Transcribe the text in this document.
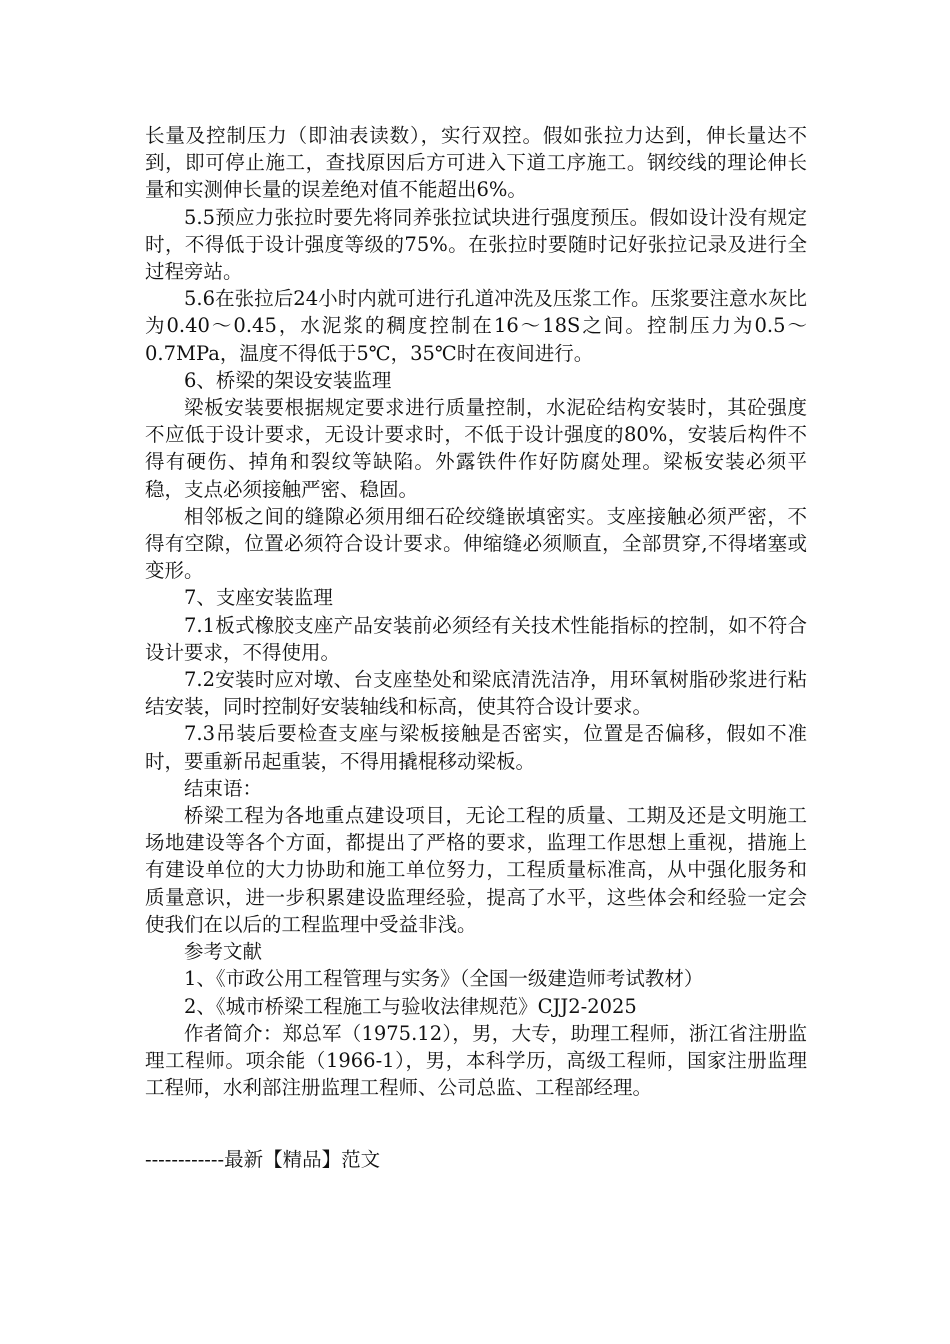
长量及控制压力（即油表读数），实行双控。假如张拉力达到，伸长量达不到，即可停止施工，查找原因后方可进入下道工序施工。钢绞线的理论伸长量和实测伸长量的误差绝对值不能超出6%。

5.5预应力张拉时要先将同养张拉试块进行强度预压。假如设计没有规定时，不得低于设计强度等级的75%。在张拉时要随时记好张拉记录及进行全过程旁站。

5.6在张拉后24小时内就可进行孔道冲洗及压浆工作。压浆要注意水灰比为0.40～0.45，水泥浆的稠度控制在16～18S之间。控制压力为0.5～0.7MPa，温度不得低于5℃，35℃时在夜间进行。

6、桥梁的架设安装监理

梁板安装要根据规定要求进行质量控制，水泥砼结构安装时，其砼强度不应低于设计要求，无设计要求时，不低于设计强度的80%，安装后构件不得有硬伤、掉角和裂纹等缺陷。外露铁件作好防腐处理。梁板安装必须平稳，支点必须接触严密、稳固。

相邻板之间的缝隙必须用细石砼绞缝嵌填密实。支座接触必须严密，不得有空隙，位置必须符合设计要求。伸缩缝必须顺直，全部贯穿,不得堵塞或变形。

7、支座安装监理

7.1板式橡胶支座产品安装前必须经有关技术性能指标的控制，如不符合设计要求，不得使用。

7.2安装时应对墩、台支座垫处和梁底清洗洁净，用环氧树脂砂浆进行粘结安装，同时控制好安装轴线和标高，使其符合设计要求。

7.3吊装后要检查支座与梁板接触是否密实，位置是否偏移，假如不准时，要重新吊起重装，不得用撬棍移动梁板。

结束语：

桥梁工程为各地重点建设项目，无论工程的质量、工期及还是文明施工场地建设等各个方面，都提出了严格的要求，监理工作思想上重视，措施上有建设单位的大力协助和施工单位努力，工程质量标准高，从中强化服务和质量意识，进一步积累建设监理经验，提高了水平，这些体会和经验一定会使我们在以后的工程监理中受益非浅。

参考文献

1、《市政公用工程管理与实务》（全国一级建造师考试教材）

2、《城市桥梁工程施工与验收法律规范》CJJ2-2025

作者简介：郑总军（1975.12），男，大专，助理工程师，浙江省注册监理工程师。项余能（1966-1），男，本科学历，高级工程师，国家注册监理工程师，水利部注册监理工程师、公司总监、工程部经理。

------------最新【精品】范文
